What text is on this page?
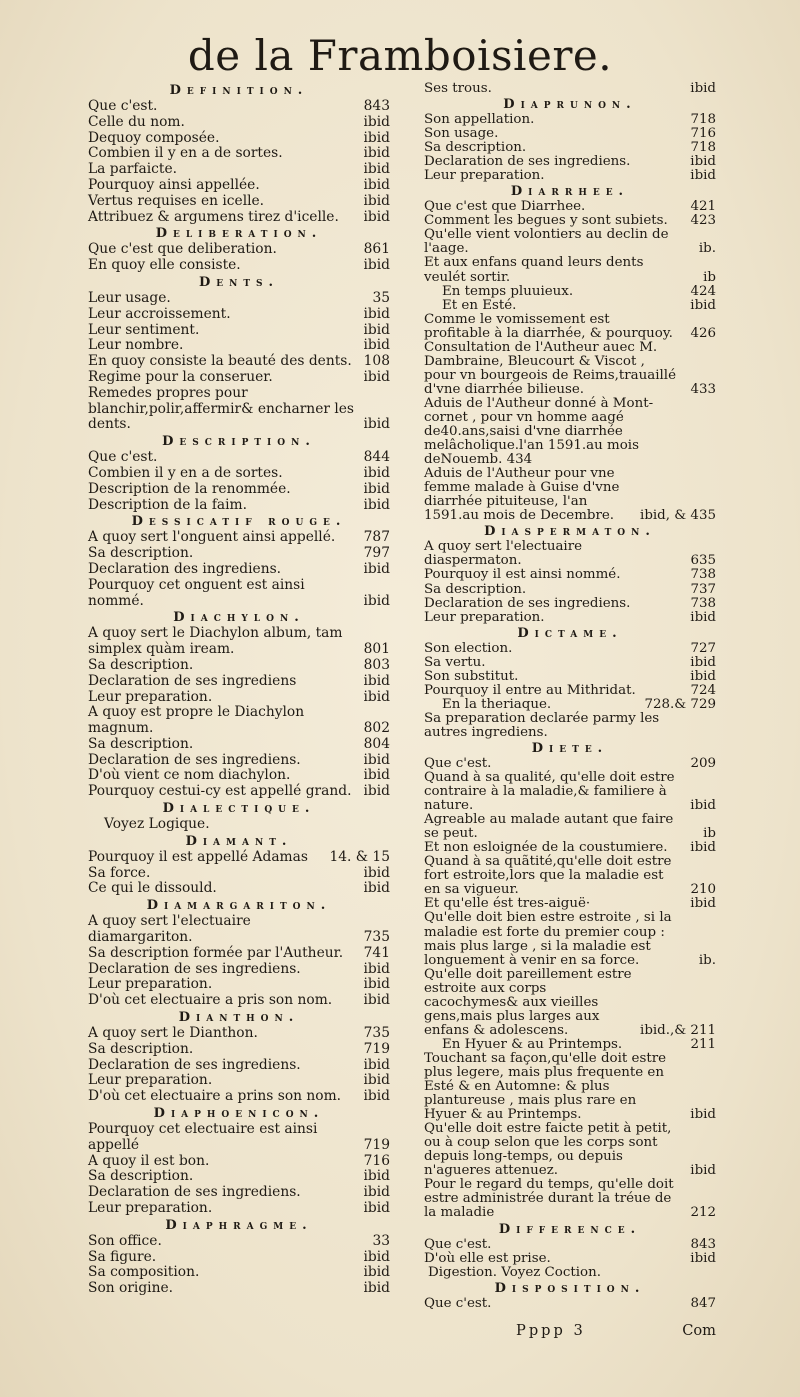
de la Framboisiere.
Definition.
Que c'est.	843
Celle du nom.	ibid
Dequoy composée.	ibid
Combien il y en a de sortes.	ibid
La parfaicte.	ibid
Pourquoy ainsi appellée.	ibid
Vertus requises en icelle.	ibid
Attribuez & argumens tirez d'icelle.	ibid
Deliberation.
Que c'est que deliberation.	861
En quoy elle consiste.	ibid
Dents.
Leur usage.	35
Leur accroissement.	ibid
Leur sentiment.	ibid
Leur nombre.	ibid
En quoy consiste la beauté des dents. 108
Regime pour la conseruer.	ibid
Remedes propres pour blanchir,polir,affermir& encharner les dents.	ibid
Description.
Que c'est.	844
Combien il y en a de sortes.	ibid
Description de la renommée.	ibid
Description de la faim.	ibid
Dessicatif rouge.
A quoy sert l'onguent ainsi appellé.	787
Sa description.	797
Declaration des ingrediens.	ibid
Pourquoy cet onguent est ainsi nommé.	ibid
Diachylon.
A quoy sert le Diachylon album, tam simplex quàm iream.	801
Sa description.	803
Declaration de ses ingrediens	ibid
Leur preparation.	ibid
A quoy est propre le Diachylon magnum.	802
Sa description.	804
Declaration de ses ingrediens.	ibid
D'où vient ce nom diachylon.	ibid
Pourquoy cestui-cy est appellé grand. ibid
Dialectique.
Voyez Logique.
Diamant.
Pourquoy il est appellé Adamas	14. & 15
Sa force.	ibid
Ce qui le dissould.	ibid
Diamargariton.
A quoy sert l'electuaire diamargariton.	735
Sa description formée par l'Autheur.	741
Declaration de ses ingrediens.	ibid
Leur preparation.	ibid
D'où cet electuaire a pris son nom.	ibid
Dianthon.
A quoy sert le Dianthon.	735
Sa description.	719
Declaration de ses ingrediens.	ibid
Leur preparation.	ibid
D'où cet electuaire a prins son nom.	ibid
Diaphoenicon.
Pourquoy cet electuaire est ainsi appellé	719
A quoy il est bon.	716
Sa description.	ibid
Declaration de ses ingrediens.	ibid
Leur preparation.	ibid
Diaphragme.
Son office.	33
Sa figure.	ibid
Sa composition.	ibid
Son origine.	ibid
Ses trous.	ibid
Diaprunon.
Son appellation.	718
Son usage.	716
Sa description.	718
Declaration de ses ingrediens.	ibid
Leur preparation.	ibid
Diarrhee.
Que c'est que Diarrhee.	421
Comment les begues y sont subiets.	423
Qu'elle vient volontiers au declin de l'aage.	ib.
Et aux enfans quand leurs dents veulét sortir.	ib
En temps pluuieux.	424
Et en Esté.	ibid
Comme le vomissement est profitable à la diarrhée, & pourquoy.	426
Consultation de l'Autheur auec M. Dambraine, Bleucourt & Viscot , pour vn bourgeois de Reims,trauaillé d'vne diarrhée bilieuse.	433
Aduis de l'Autheur donné à Mont-cornet , pour vn homme aagé de40.ans,saisi d'vne diarrhée melâcholique.l'an 1591.au mois deNouemb. 434
Aduis de l'Autheur pour vne femme malade à Guise d'vne diarrhée pituiteuse, l'an 1591.au mois de Decembre.	ibid, & 435
Diaspermaton.
A quoy sert l'electuaire diaspermaton.	635
Pourquoy il est ainsi nommé.	738
Sa description.	737
Declaration de ses ingrediens.	738
Leur preparation.	ibid
Dictame.
Son election.	727
Sa vertu.	ibid
Son substitut.	ibid
Pourquoy il entre au Mithridat.	724
En la theriaque.	728.& 729
Sa preparation declarée parmy les autres ingrediens.
Diete.
Que c'est.	209
Quand à sa qualité, qu'elle doit estre contraire à la maladie,& familiere à nature.	ibid
Agreable au malade autant que faire se peut.	ib
Et non esloignée de la coustumiere.	ibid
Quand à sa quãtité,qu'elle doit estre fort estroite,lors que la maladie est en sa vigueur.	210
Et qu'elle ést tres-aiguë·	ibid
Qu'elle doit bien estre estroite , si la maladie est forte du premier coup : mais plus large , si la maladie est longuement à venir en sa force.	ib.
Qu'elle doit pareillement estre estroite aux corps cacochymes& aux vieilles gens,mais plus larges aux enfans & adolescens.	ibid.,& 211
En Hyuer & au Printemps.	211
Touchant sa façon,qu'elle doit estre plus legere, mais plus frequente en Esté & en Automne: & plus plantureuse , mais plus rare en Hyuer & au Printemps.	ibid
Qu'elle doit estre faicte petit à petit, ou à coup selon que les corps sont depuis long-temps, ou depuis n'agueres attenuez.	ibid
Pour le regard du temps, qu'elle doit estre administrée durant la tréue de la maladie	212
Difference.
Que c'est.	843
D'où elle est prise.	ibid
Digestion. Voyez Coction.
Disposition.
Que c'est.	847
Pppp 3	Com
